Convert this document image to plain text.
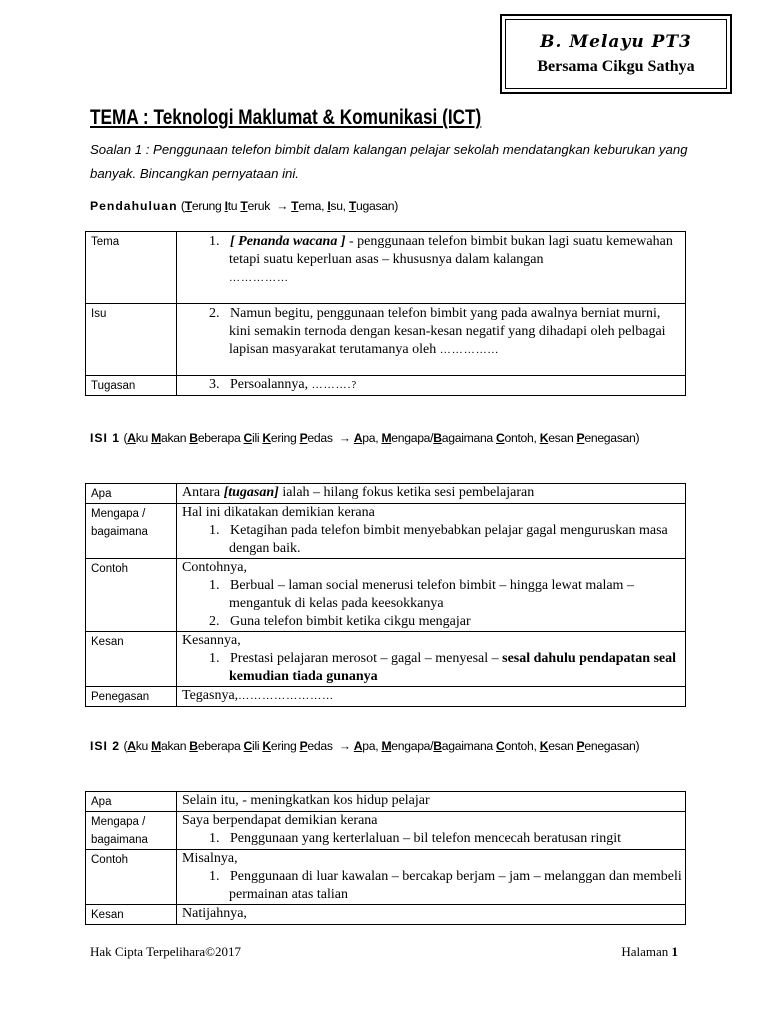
B. Melayu PT3
Bersama Cikgu Sathya
TEMA : Teknologi Maklumat & Komunikasi (ICT)
Soalan 1 : Penggunaan telefon bimbit dalam kalangan pelajar sekolah mendatangkan keburukan yang banyak. Bincangkan pernyataan ini.
Pendahuluan (Terung Itu Teruk  → Tema, Isu, Tugasan)
Tema	1. [ Penanda wacana ] - penggunaan telefon bimbit bukan lagi suatu kemewahan tetapi suatu keperluan asas – khususnya dalam kalangan
……………

Isu	2. Namun begitu, penggunaan telefon bimbit yang pada awalnya berniat murni, kini semakin ternoda dengan kesan-kesan negatif yang dihadapi oleh pelbagai lapisan masyarakat terutamanya oleh …………...

Tugasan	3. Persoalannya, ……….?
ISI 1 (Aku Makan Beberapa Cili Kering Pedas  → Apa, Mengapa/Bagaimana Contoh, Kesan Penegasan)
Apa	Antara [tugasan] ialah – hilang fokus ketika sesi pembelajaran
Mengapa / bagaimana	Hal ini dikatakan demikian kerana
1.   Ketagihan pada telefon bimbit menyebabkan pelajar gagal menguruskan masa dengan baik.

Contoh	Contohnya,
1.   Berbual – laman social menerusi telefon bimbit – hingga lewat malam – mengantuk di kelas pada keesokkanya
2.   Guna telefon bimbit ketika cikgu mengajar

Kesan	Kesannya,
1.   Prestasi pelajaran merosot – gagal – menyesal – sesal dahulu pendapatan seal kemudian tiada gunanya

Penegasan	Tegasnya,……………………
ISI 2 (Aku Makan Beberapa Cili Kering Pedas  → Apa, Mengapa/Bagaimana Contoh, Kesan Penegasan)
Apa	Selain itu, - meningkatkan kos hidup pelajar
Mengapa / bagaimana	Saya berpendapat demikian kerana
1.   Penggunaan yang kerterlaluan – bil telefon mencecah beratusan ringit

Contoh	Misalnya,
1.   Penggunaan di luar kawalan – bercakap berjam – jam – melanggan dan membeli permainan atas talian

Kesan	Natijahnya,
Hak Cipta Terpelihara©2017	Halaman 1
